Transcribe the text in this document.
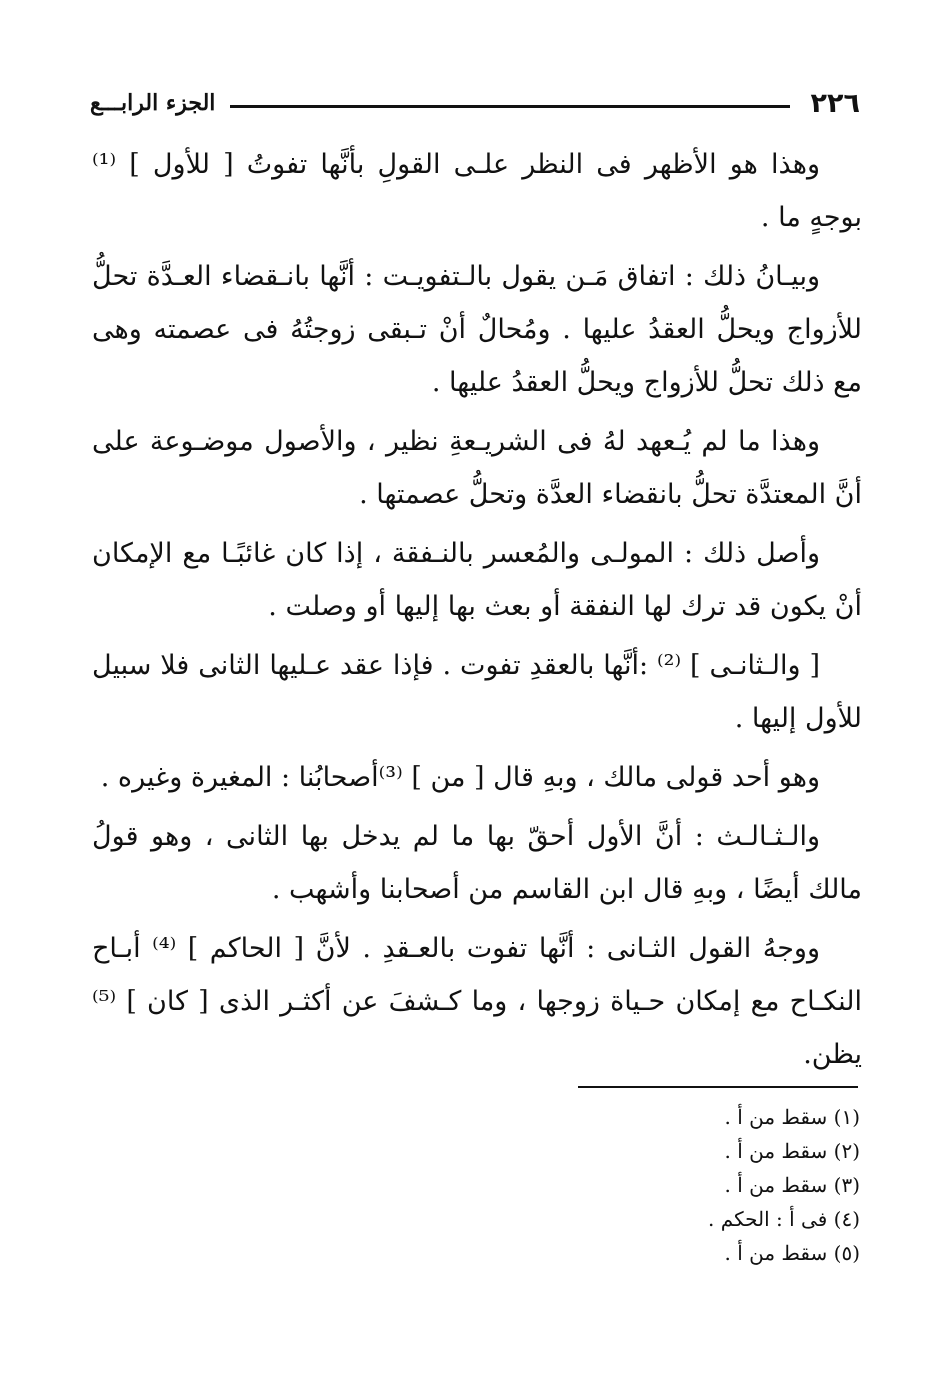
٢٢٦
الجزء الرابـــع

وهذا هو الأظهر فى النظر علـى القولِ بأنَّها تفوتُ [ للأول ] ⁽¹⁾ بوجهٍ ما .

وبيـانُ ذلك : اتفاق مَـن يقول بالـتفويـت : أنَّها بانـقضاء العـدَّة تحلُّ للأزواج ويحلُّ العقدُ عليها . ومُحالٌ أنْ تـبقى زوجتُهُ فى عصمته وهى مع ذلك تحلُّ للأزواج ويحلُّ العقدُ عليها .

وهذا ما لم يُـعهد لهُ فى الشريـعةِ نظير ، والأصول موضـوعة على أنَّ المعتدَّة تحلُّ بانقضاء العدَّة وتحلُّ عصمتها .

وأصل ذلك : المولـى والمُعسر بالنـفقة ، إذا كان غائبًـا مع الإمكان أنْ يكون قد ترك لها النفقة أو بعث بها إليها أو وصلت .

[ والـثانـى ] ⁽²⁾ :أنَّها بالعقدِ تفوت . فإذا عقد عـليها الثانى فلا سبيل للأول إليها .

وهو أحد قولى مالك ، وبهِ قال [ من ] ⁽³⁾أصحابُنا : المغيرة وغيره .

والـثـالـث : أنَّ الأول أحقّ بها ما لم يدخل بها الثانى ، وهو قولُ مالك أيضًا ، وبهِ قال ابن القاسم من أصحابنا وأشهب .

ووجهُ القول الثـانى : أنَّها تفوت بالعـقدِ . لأنَّ [ الحاكم ] ⁽⁴⁾ أبـاح النكـاح مع إمكان حـياة زوجها ، وما كـشفَ عن أكثـر الذى [ كان ] ⁽⁵⁾ يظن.

(١) سقط من أ .
(٢) سقط من أ .
(٣) سقط من أ .
(٤) فى أ : الحكم .
(٥) سقط من أ .
